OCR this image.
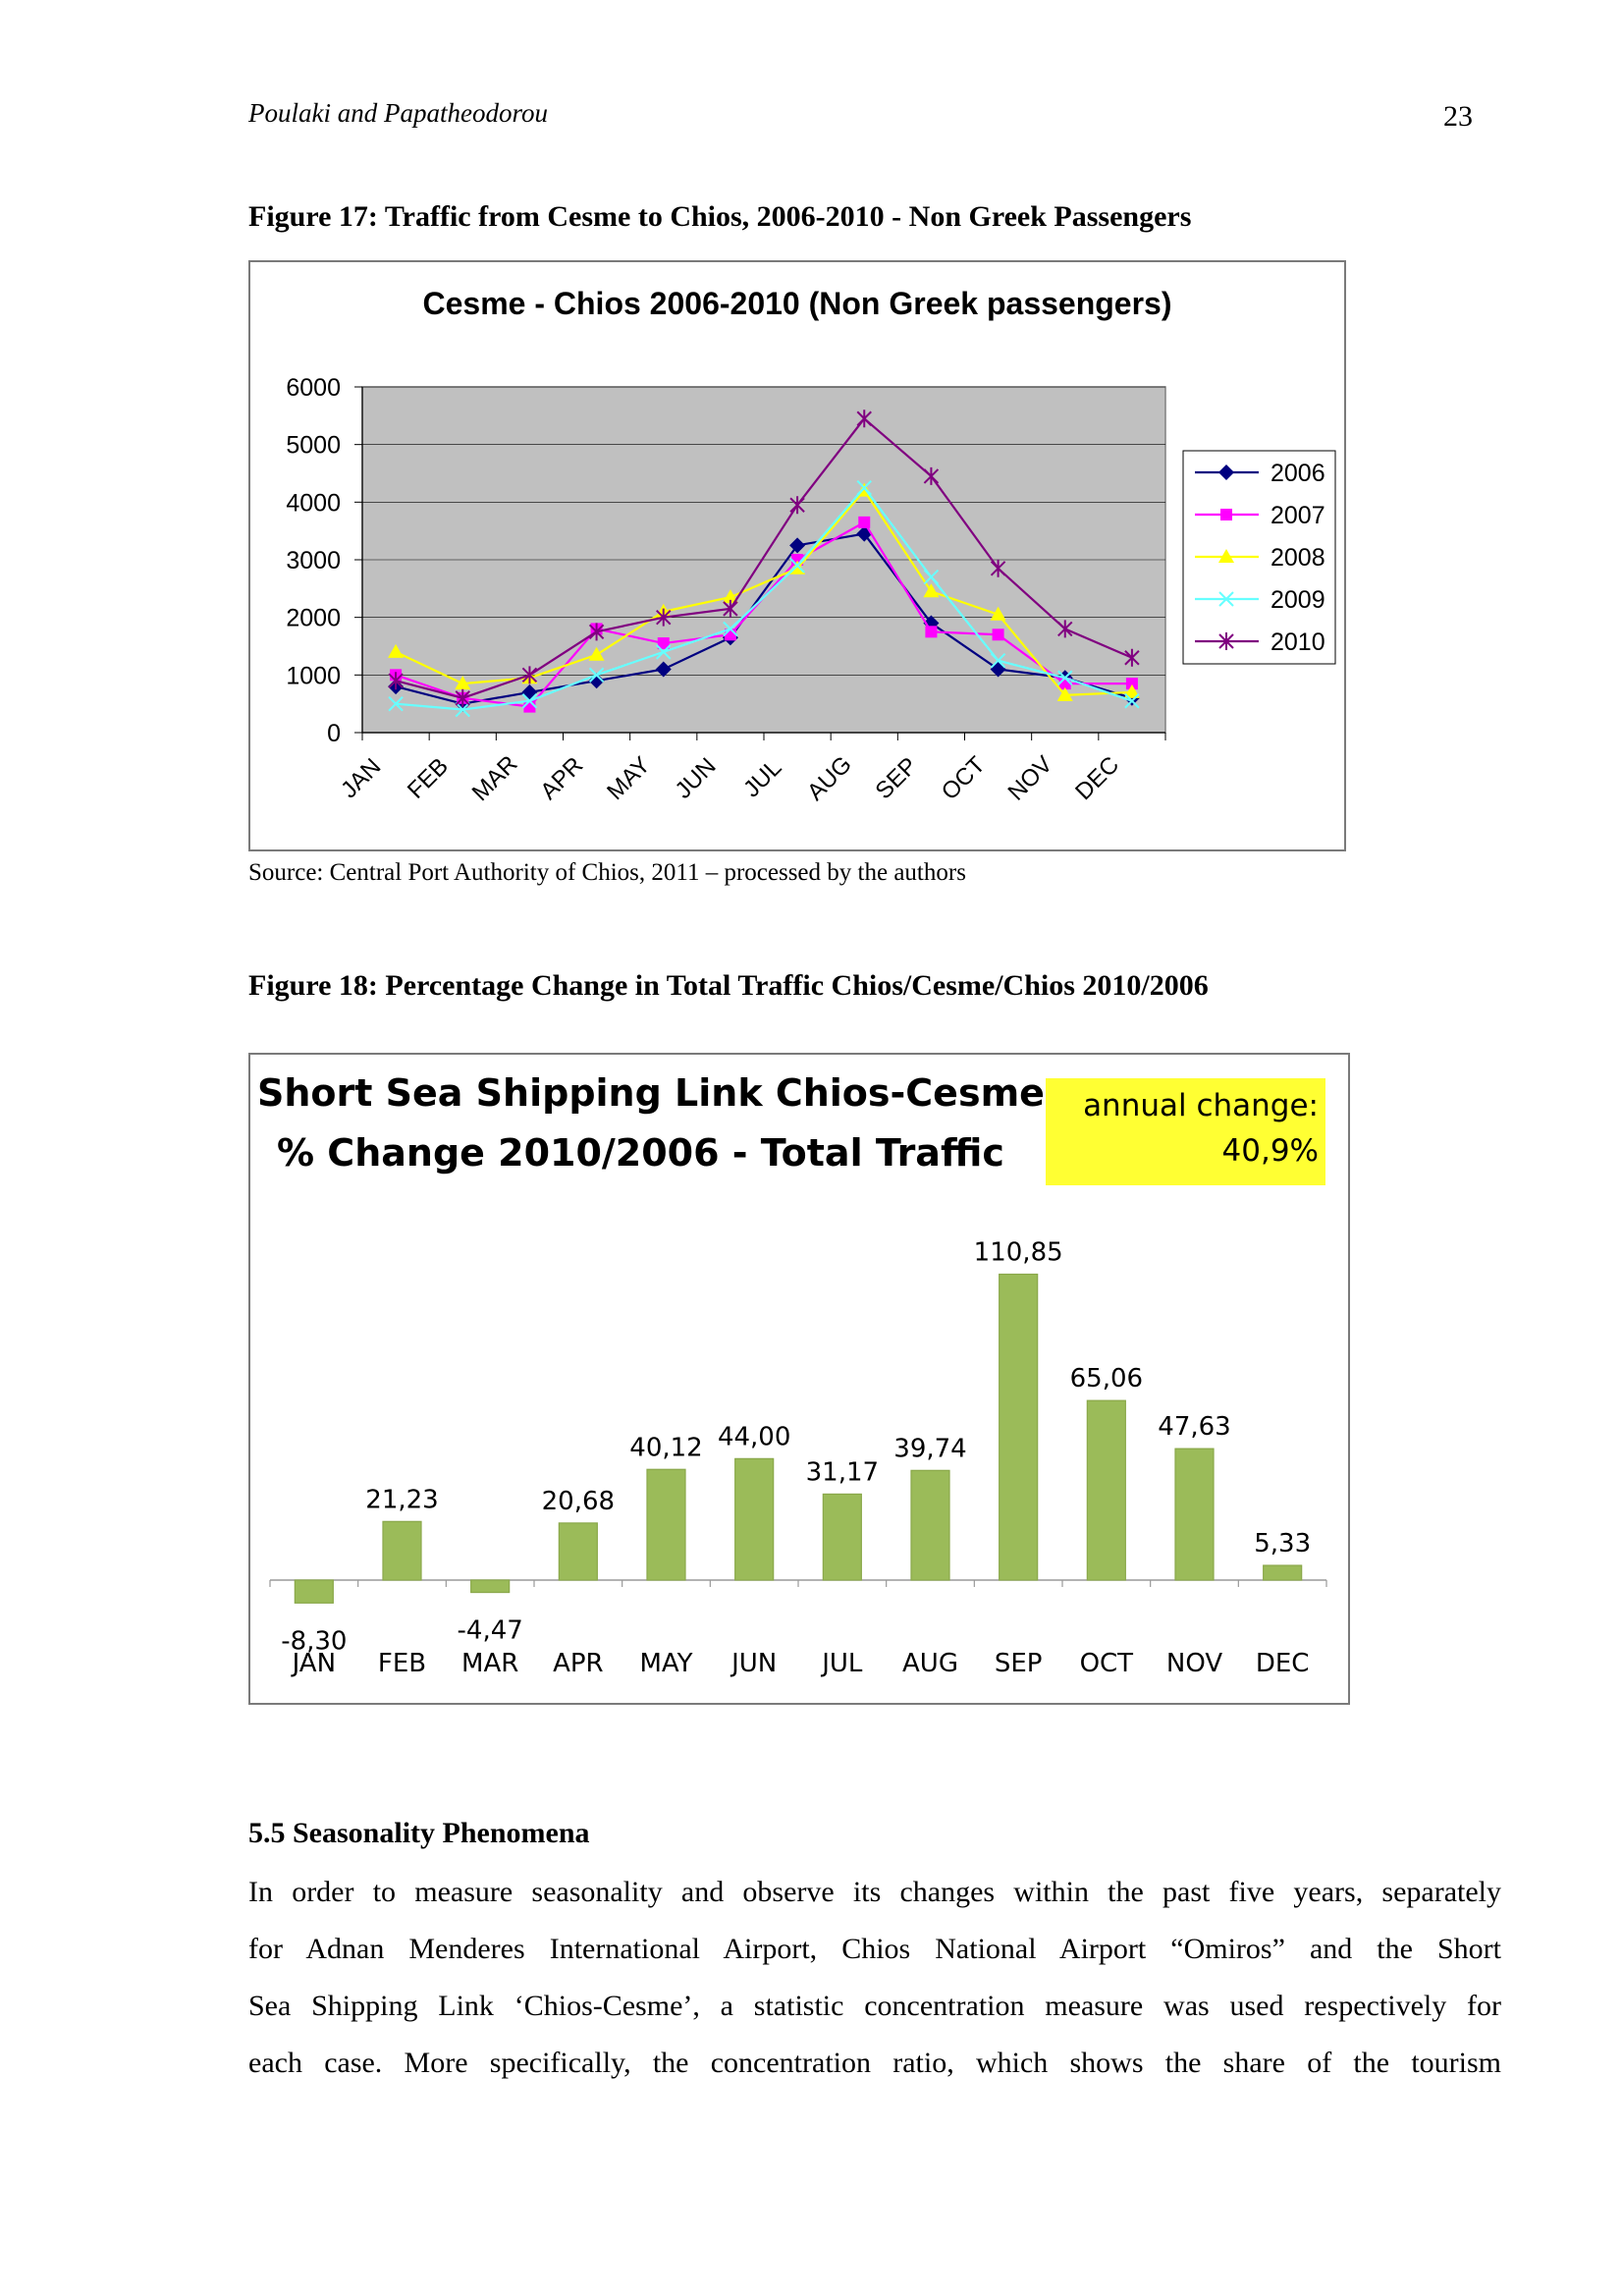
Poulaki and Papatheodorou	23
Figure 17: Traffic from Cesme to Chios, 2006-2010 - Non Greek Passengers
Cesme - Chios 2006-2010 (Non Greek passengers)
0
1000
2000
3000
4000
5000
6000
JAN FEB MAR APR MAY JUN JUL AUG SEP OCT NOV DEC
2006
2007
2008
2009
2010
Source: Central Port Authority of Chios, 2011 – processed by the authors
Figure 18: Percentage Change in Total Traffic Chios/Cesme/Chios 2010/2006
Short Sea Shipping Link Chios-Cesme
% Change 2010/2006 - Total Traffic
annual change:
40,9%
-8,30
JAN
21,23
FEB
-4,47
MAR
20,68
APR
40,12
MAY
44,00
JUN
31,17
JUL
39,74
AUG
110,85
SEP
65,06
OCT
47,63
NOV
5,33
DEC
5.5 Seasonality Phenomena
In order to measure seasonality and observe its changes within the past five years, separately
for Adnan Menderes International Airport, Chios National Airport “Omiros” and the Short
Sea Shipping Link ‘Chios-Cesme’, a statistic concentration measure was used respectively for
each case. More specifically, the concentration ratio, which shows the share of the tourism
